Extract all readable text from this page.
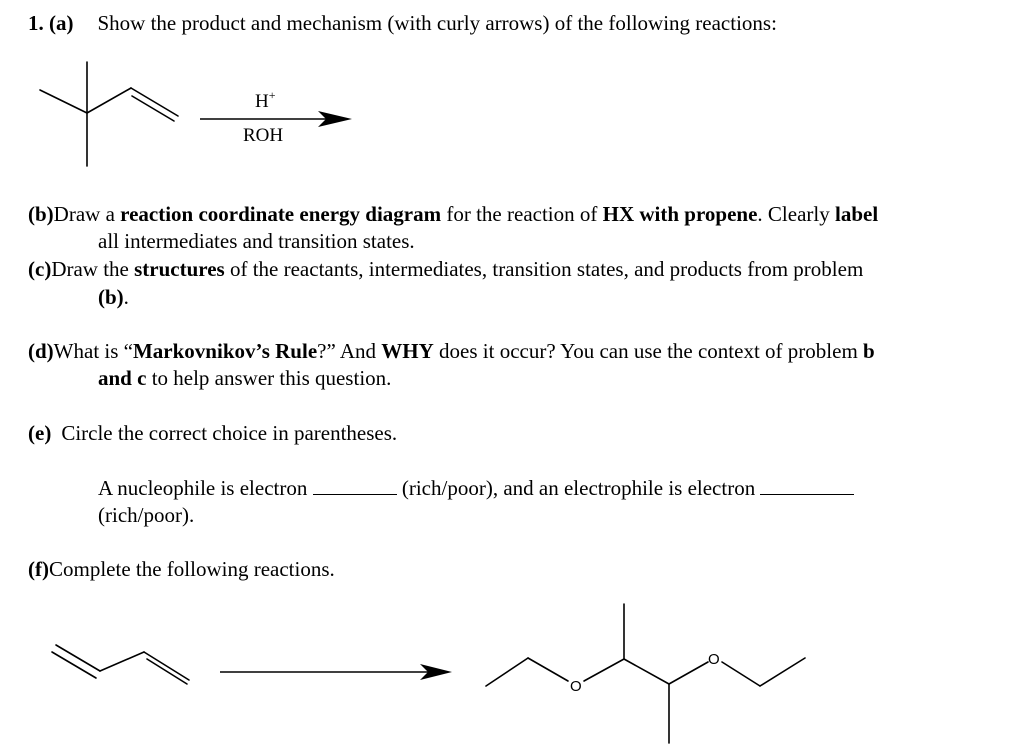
1. (a) Show the product and mechanism (with curly arrows) of the following reactions:
H+
ROH
O
O
(b)Draw a reaction coordinate energy diagram for the reaction of HX with propene. Clearly label
all intermediates and transition states.
(c)Draw the structures of the reactants, intermediates, transition states, and products from problem
(b).
(d)What is “Markovnikov’s Rule?” And WHY does it occur? You can use the context of problem b
and c to help answer this question.
(e) Circle the correct choice in parentheses.
A nucleophile is electron	(rich/poor), and an electrophile is electron
(rich/poor).
(f)Complete the following reactions.
